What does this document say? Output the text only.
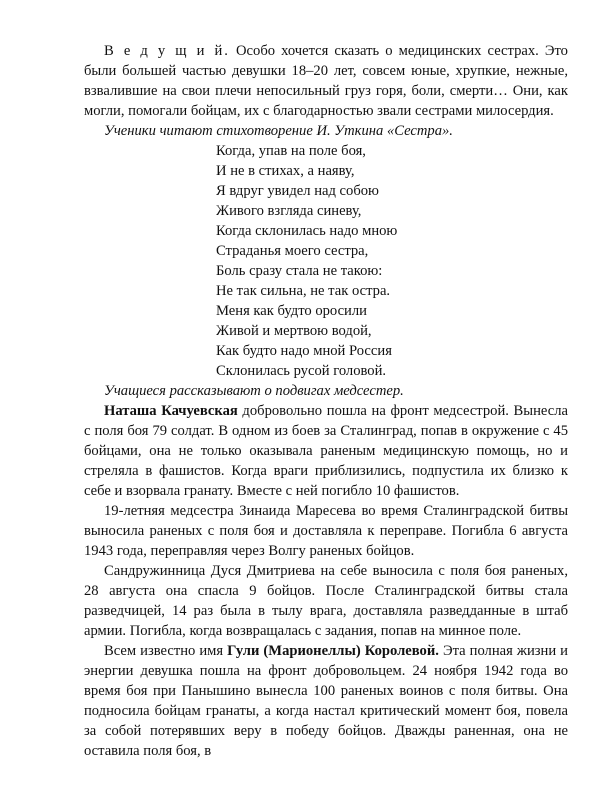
В е д у щ и й. Особо хочется сказать о медицинских сестрах. Это были большей частью девушки 18–20 лет, совсем юные, хрупкие, нежные, взвалившие на свои плечи непосильный груз горя, боли, смерти… Они, как могли, помогали бойцам, их с благодарностью звали сестрами милосердия.

Ученики читают стихотворение И. Уткина «Сестра».

Когда, упав на поле боя,
И не в стихах, а наяву,
Я вдруг увидел над собою
Живого взгляда синеву,
Когда склонилась надо мною
Страданья моего сестра,
Боль сразу стала не такою:
Не так сильна, не так остра.
Меня как будто оросили
Живой и мертвою водой,
Как будто надо мной Россия
Склонилась русой головой.

Учащиеся рассказывают о подвигах медсестер.

Наташа Качуевская добровольно пошла на фронт медсестрой. Вынесла с поля боя 79 солдат. В одном из боев за Сталинград, попав в окружение с 45 бойцами, она не только оказывала раненым медицинскую помощь, но и стреляла в фашистов. Когда враги приблизились, подпустила их близко к себе и взорвала гранату. Вместе с ней погибло 10 фашистов.

19-летняя медсестра Зинаида Маресева во время Сталинградской битвы выносила раненых с поля боя и доставляла к переправе. Погибла 6 августа 1943 года, переправляя через Волгу раненых бойцов.

Сандружинница Дуся Дмитриева на себе выносила с поля боя раненых, 28 августа она спасла 9 бойцов. После Сталинградской битвы стала разведчицей, 14 раз была в тылу врага, доставляла разведданные в штаб армии. Погибла, когда возвращалась с задания, попав на минное поле.

Всем известно имя Гули (Марионеллы) Королевой. Эта полная жизни и энергии девушка пошла на фронт добровольцем. 24 ноября 1942 года во время боя при Панышино вынесла 100 раненых воинов с поля битвы. Она подносила бойцам гранаты, а когда настал критический момент боя, повела за собой потерявших веру в победу бойцов. Дважды раненная, она не оставила поля боя, в
